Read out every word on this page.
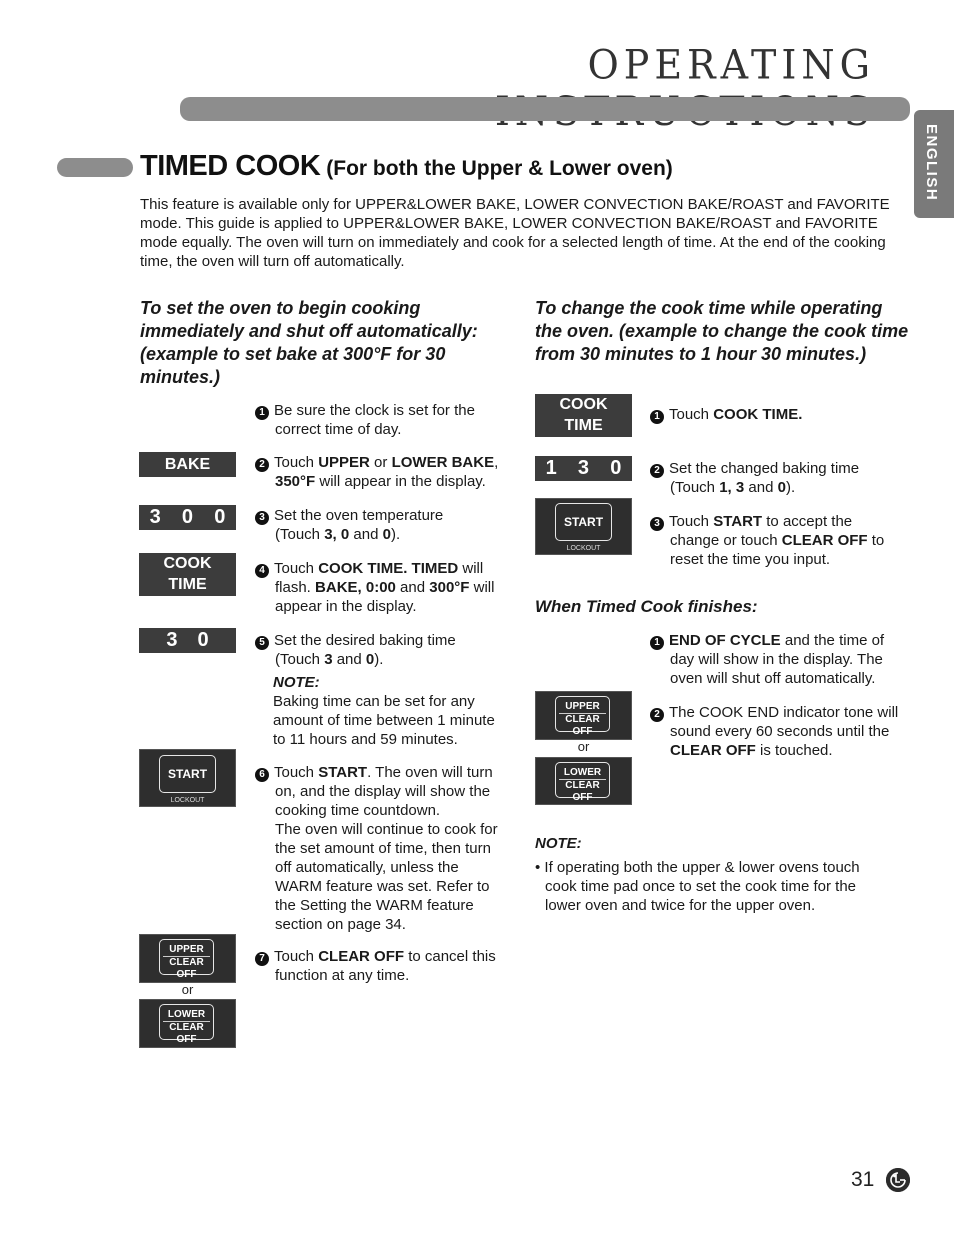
OPERATING
ENGLISH
TIMED COOK (For both the Upper & Lower oven)
This feature is available only for UPPER&LOWER BAKE, LOWER CONVECTION BAKE/ROAST and FAVORITE mode. This guide is applied to UPPER&LOWER BAKE, LOWER CONVECTION BAKE/ROAST and FAVORITE mode equally. The oven will turn on immediately and cook for a selected length of time. At the end of the cooking time, the oven will turn off automatically.
To set the oven to begin cooking immediately and shut off automatically: (example to set bake at 300°F for 30 minutes.)
1 Be sure the clock is set for the
correct time of day.
BAKE	2 Touch UPPER or LOWER BAKE,
350°F will appear in the display.
3 0 0	3 Set the oven temperature
(Touch 3, 0 and 0).
COOK
TIME
4 Touch COOK TIME. TIMED will
flash. BAKE, 0:00 and 300°F will
appear in the display.
3 0	5 Set the desired baking time
(Touch 3 and 0).
NOTE:
Baking time can be set for any
amount of time between 1 minute
to 11 hours and 59 minutes.
START
LOCKOUT
6 Touch START. The oven will turn
on, and the display will show the
cooking time countdown.
The oven will continue to cook for
the set amount of time, then turn
off automatically, unless the
WARM feature was set. Refer to
the Setting the WARM feature
section on page 34.
UPPER
CLEAR OFF
or
LOWER
CLEAR OFF
7 Touch CLEAR OFF to cancel this
function at any time.
To change the cook time while operating the oven. (example to change the cook time from 30 minutes to 1 hour 30 minutes.)
COOK
TIME
1 Touch COOK TIME.
1 3 0	2 Set the changed baking time
(Touch 1, 3 and 0).
START
LOCKOUT
3 Touch START to accept the
change or touch CLEAR OFF to
reset the time you input.
When Timed Cook finishes:
1 END OF CYCLE and the time of
day will show in the display. The
oven will shut off automatically.
UPPER
CLEAR OFF
or
LOWER
CLEAR OFF
2 The COOK END indicator tone will
sound every 60 seconds until the
CLEAR OFF is touched.
NOTE:
• If operating both the upper & lower ovens touch
cook time pad once to set the cook time for the
lower oven and twice for the upper oven.
31
